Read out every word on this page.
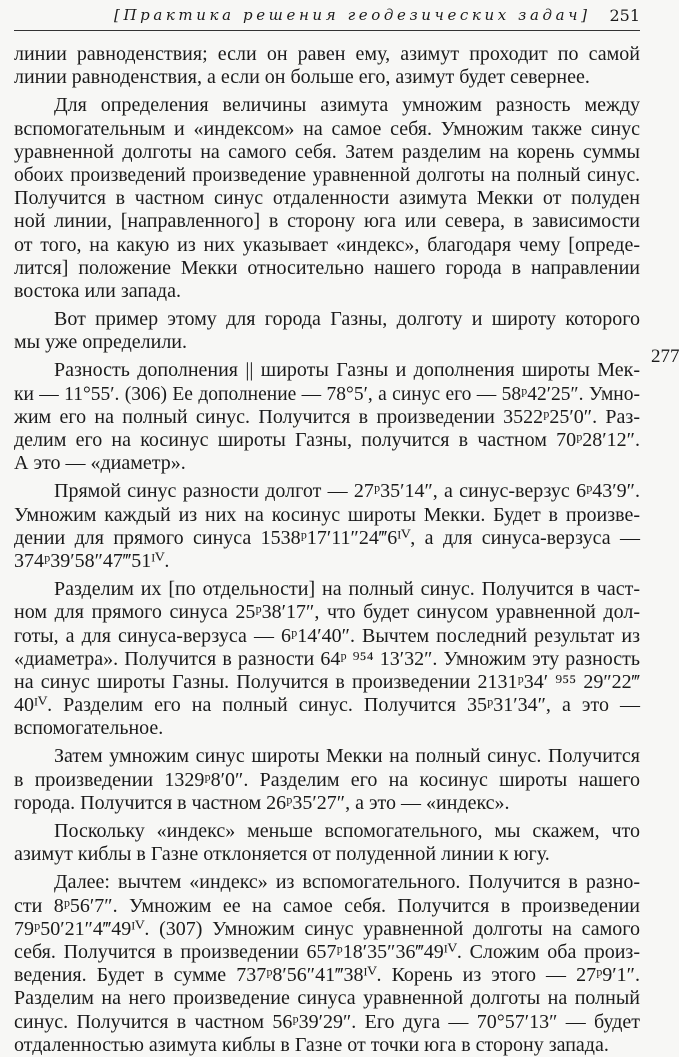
[Практика решения геодезических задач] 251
277
линии равноденствия; если он равен ему, азимут проходит по самой
линии равноденствия, а если он больше его, азимут будет севернее.
Для определения величины азимута умножим разность между
вспомогательным и «индексом» на самое себя. Умножим также синус
уравненной долготы на самого себя. Затем разделим на корень суммы
обоих произведений произведение уравненной долготы на полный синус.
Получится в частном синус отдаленности азимута Мекки от полуден
ной линии, [направленного] в сторону юга или севера, в зависимости
от того, на какую из них указывает «индекс», благодаря чему [опреде-
лится] положение Мекки относительно нашего города в направлении
востока или запада.
Вот пример этому для города Газны, долготу и широту которого
мы уже определили.
Разность дополнения || широты Газны и дополнения широты Мек-
ки — 11°55′. (306) Ее дополнение — 78°5′, а синус его — 58ᵖ42′25″. Умно-
жим его на полный синус. Получится в произведении 3522ᵖ25′0″. Раз-
делим его на косинус широты Газны, получится в частном 70ᵖ28′12″.
А это — «диаметр».
Прямой синус разности долгот — 27ᵖ35′14″, а синус-верзус 6ᵖ43′9″.
Умножим каждый из них на косинус широты Мекки. Будет в произве-
дении для прямого синуса 1538ᵖ17′11″24‴6ᴵⱽ, а для синуса-верзуса —
374ᵖ39′58″47‴51ᴵⱽ.
Разделим их [по отдельности] на полный синус. Получится в част-
ном для прямого синуса 25ᵖ38′17″, что будет синусом уравненной дол-
готы, а для синуса-верзуса — 6ᵖ14′40″. Вычтем последний результат из
«диаметра». Получится в разности 64ᵖ ⁹⁵⁴ 13′32″. Умножим эту разность
на синус широты Газны. Получится в произведении 2131ᵖ34′ ⁹⁵⁵ 29″22‴
40ᴵⱽ. Разделим его на полный синус. Получится 35ᵖ31′34″, а это —
вспомогательное.
Затем умножим синус широты Мекки на полный синус. Получится
в произведении 1329ᵖ8′0″. Разделим его на косинус широты нашего
города. Получится в частном 26ᵖ35′27″, а это — «индекс».
Поскольку «индекс» меньше вспомогательного, мы скажем, что
азимут киблы в Газне отклоняется от полуденной линии к югу.
Далее: вычтем «индекс» из вспомогательного. Получится в разно-
сти 8ᵖ56′7″. Умножим ее на самое себя. Получится в произведении
79ᵖ50′21″4‴49ᴵⱽ. (307) Умножим синус уравненной долготы на самого
себя. Получится в произведении 657ᵖ18′35″36‴49ᴵⱽ. Сложим оба произ-
ведения. Будет в сумме 737ᵖ8′56″41‴38ᴵⱽ. Корень из этого — 27ᵖ9′1″.
Разделим на него произведение синуса уравненной долготы на полный
синус. Получится в частном 56ᵖ39′29″. Его дуга — 70°57′13″ — будет
отдаленностью азимута киблы в Газне от точки юга в сторону запада.
